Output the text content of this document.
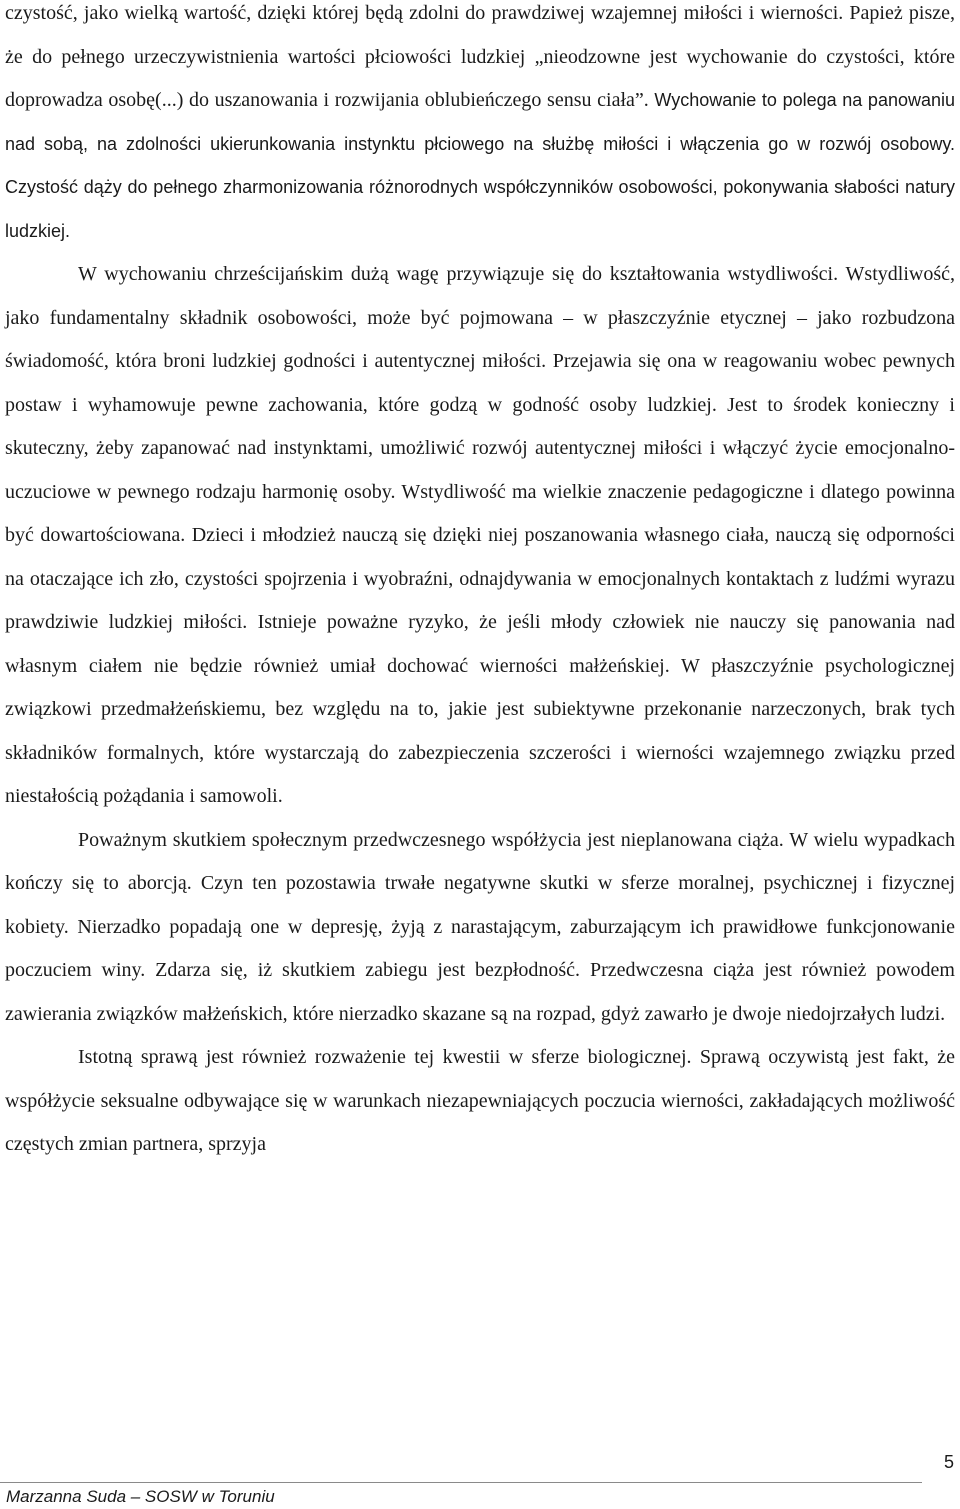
czystość, jako wielką wartość, dzięki której będą zdolni do prawdziwej wzajemnej miłości i wierności. Papież pisze, że do pełnego urzeczywistnienia wartości płciowości ludzkiej „nieodzowne jest wychowanie do czystości, które doprowadza osobę(...) do uszanowania i rozwijania oblubieńczego sensu ciała”. Wychowanie to polega na panowaniu nad sobą, na zdolności ukierunkowania instynktu płciowego na służbę miłości i włączenia go w rozwój osobowy. Czystość dąży do pełnego zharmonizowania różnorodnych współczynników osobowości, pokonywania słabości natury ludzkiej.

W wychowaniu chrześcijańskim dużą wagę przywiązuje się do kształtowania wstydliwości. Wstydliwość, jako fundamentalny składnik osobowości, może być pojmowana – w płaszczyźnie etycznej – jako rozbudzona świadomość, która broni ludzkiej godności i autentycznej miłości. Przejawia się ona w reagowaniu wobec pewnych postaw i wyhamowuje pewne zachowania, które godzą w godność osoby ludzkiej. Jest to środek konieczny i skuteczny, żeby zapanować nad instynktami, umożliwić rozwój autentycznej miłości i włączyć życie emocjonalno-uczuciowe w pewnego rodzaju harmonię osoby. Wstydliwość ma wielkie znaczenie pedagogiczne i dlatego powinna być dowartościowana. Dzieci i młodzież nauczą się dzięki niej poszanowania własnego ciała, nauczą się odporności na otaczające ich zło, czystości spojrzenia i wyobraźni, odnajdywania w emocjonalnych kontaktach z ludźmi wyrazu prawdziwie ludzkiej miłości. Istnieje poważne ryzyko, że jeśli młody człowiek nie nauczy się panowania nad własnym ciałem nie będzie również umiał dochować wierności małżeńskiej. W płaszczyźnie psychologicznej związkowi przedmałżeńskiemu, bez względu na to, jakie jest subiektywne przekonanie narzeczonych, brak tych składników formalnych, które wystarczają do zabezpieczenia szczerości i wierności wzajemnego związku przed niestałością pożądania i samowoli.

Poważnym skutkiem społecznym przedwczesnego współżycia jest nieplanowana ciąża. W wielu wypadkach kończy się to aborcją. Czyn ten pozostawia trwałe negatywne skutki w sferze moralnej, psychicznej i fizycznej kobiety. Nierzadko popadają one w depresję, żyją z narastającym, zaburzającym ich prawidłowe funkcjonowanie poczuciem winy. Zdarza się, iż skutkiem zabiegu jest bezpłodność. Przedwczesna ciąża jest również powodem zawierania związków małżeńskich, które nierzadko skazane są na rozpad, gdyż zawarło je dwoje niedojrzałych ludzi.

Istotną sprawą jest również rozważenie tej kwestii w sferze biologicznej. Sprawą oczywistą jest fakt, że współżycie seksualne odbywające się w warunkach niezapewniających poczucia wierności, zakładających możliwość częstych zmian partnera, sprzyja

5
Marzanna Suda – SOSW w Toruniu
